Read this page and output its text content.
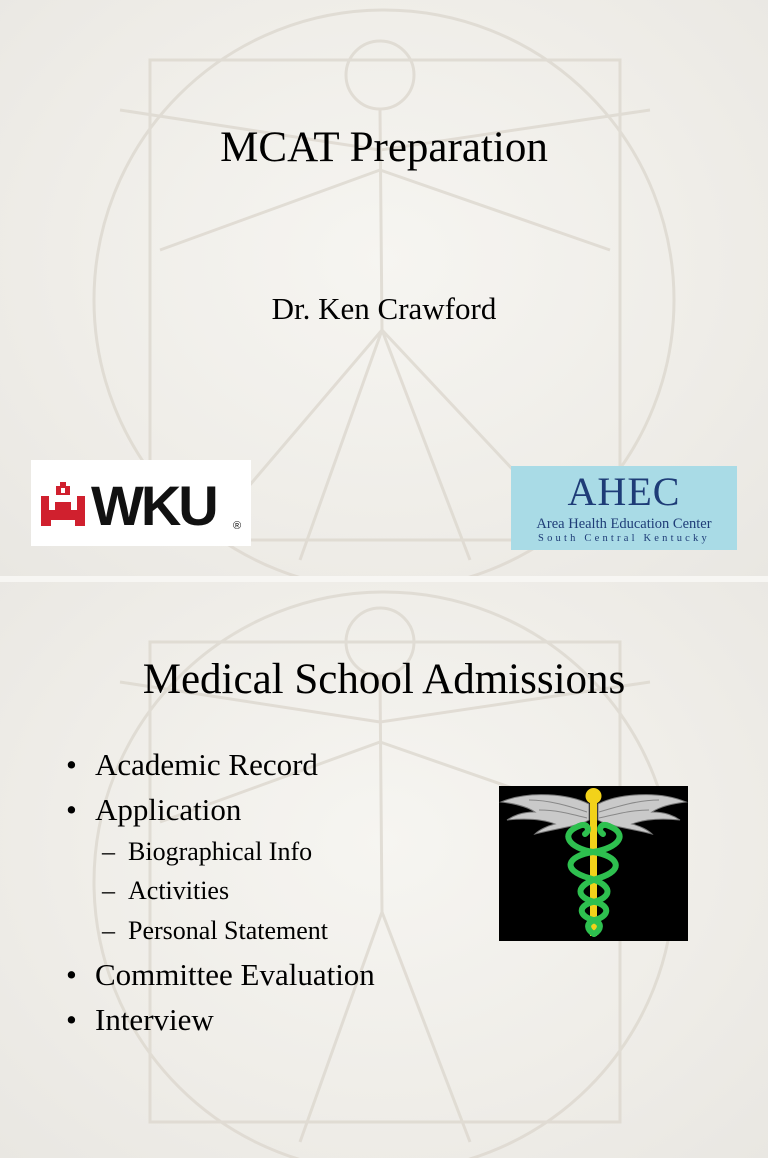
MCAT Preparation
Dr. Ken Crawford
WKU ®
AHEC
Area Health Education Center
South Central Kentucky
Medical School Admissions
• Academic Record
• Application
– Biographical Info
– Activities
– Personal Statement
• Committee Evaluation
• Interview
